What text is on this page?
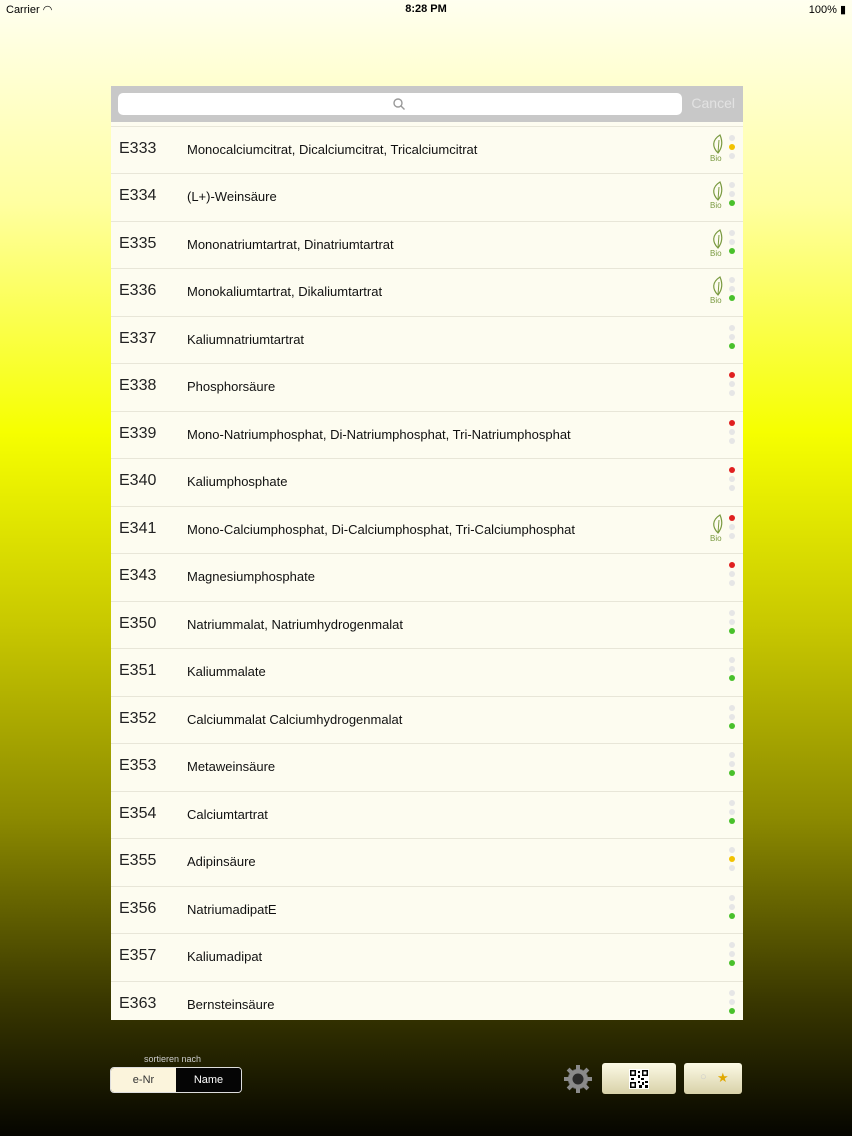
Carrier ◠	8:28 PM	100% ▮
Cancel
E333 Monocalciumcitrat, Dicalciumcitrat, Tricalciumcitrat
Bio
E334 (L+)-Weinsäure
Bio
E335 Mononatriumtartrat, Dinatriumtartrat
Bio
E336 Monokaliumtartrat, Dikaliumtartrat
Bio
E337 Kaliumnatriumtartrat
E338 Phosphorsäure
E339 Mono-Natriumphosphat, Di-Natriumphosphat, Tri-Natriumphosphat
E340 Kaliumphosphate
E341 Mono-Calciumphosphat, Di-Calciumphosphat, Tri-Calciumphosphat
Bio
E343 Magnesiumphosphate
E350 Natriummalat, Natriumhydrogenmalat
E351 Kaliummalate
E352 Calciummalat Calciumhydrogenmalat
E353 Metaweinsäure
E354 Calciumtartrat
E355 Adipinsäure
E356 NatriumadipatE
E357 Kaliumadipat
E363 Bernsteinsäure
sortieren nach
e-Nr	Name	○ ★
